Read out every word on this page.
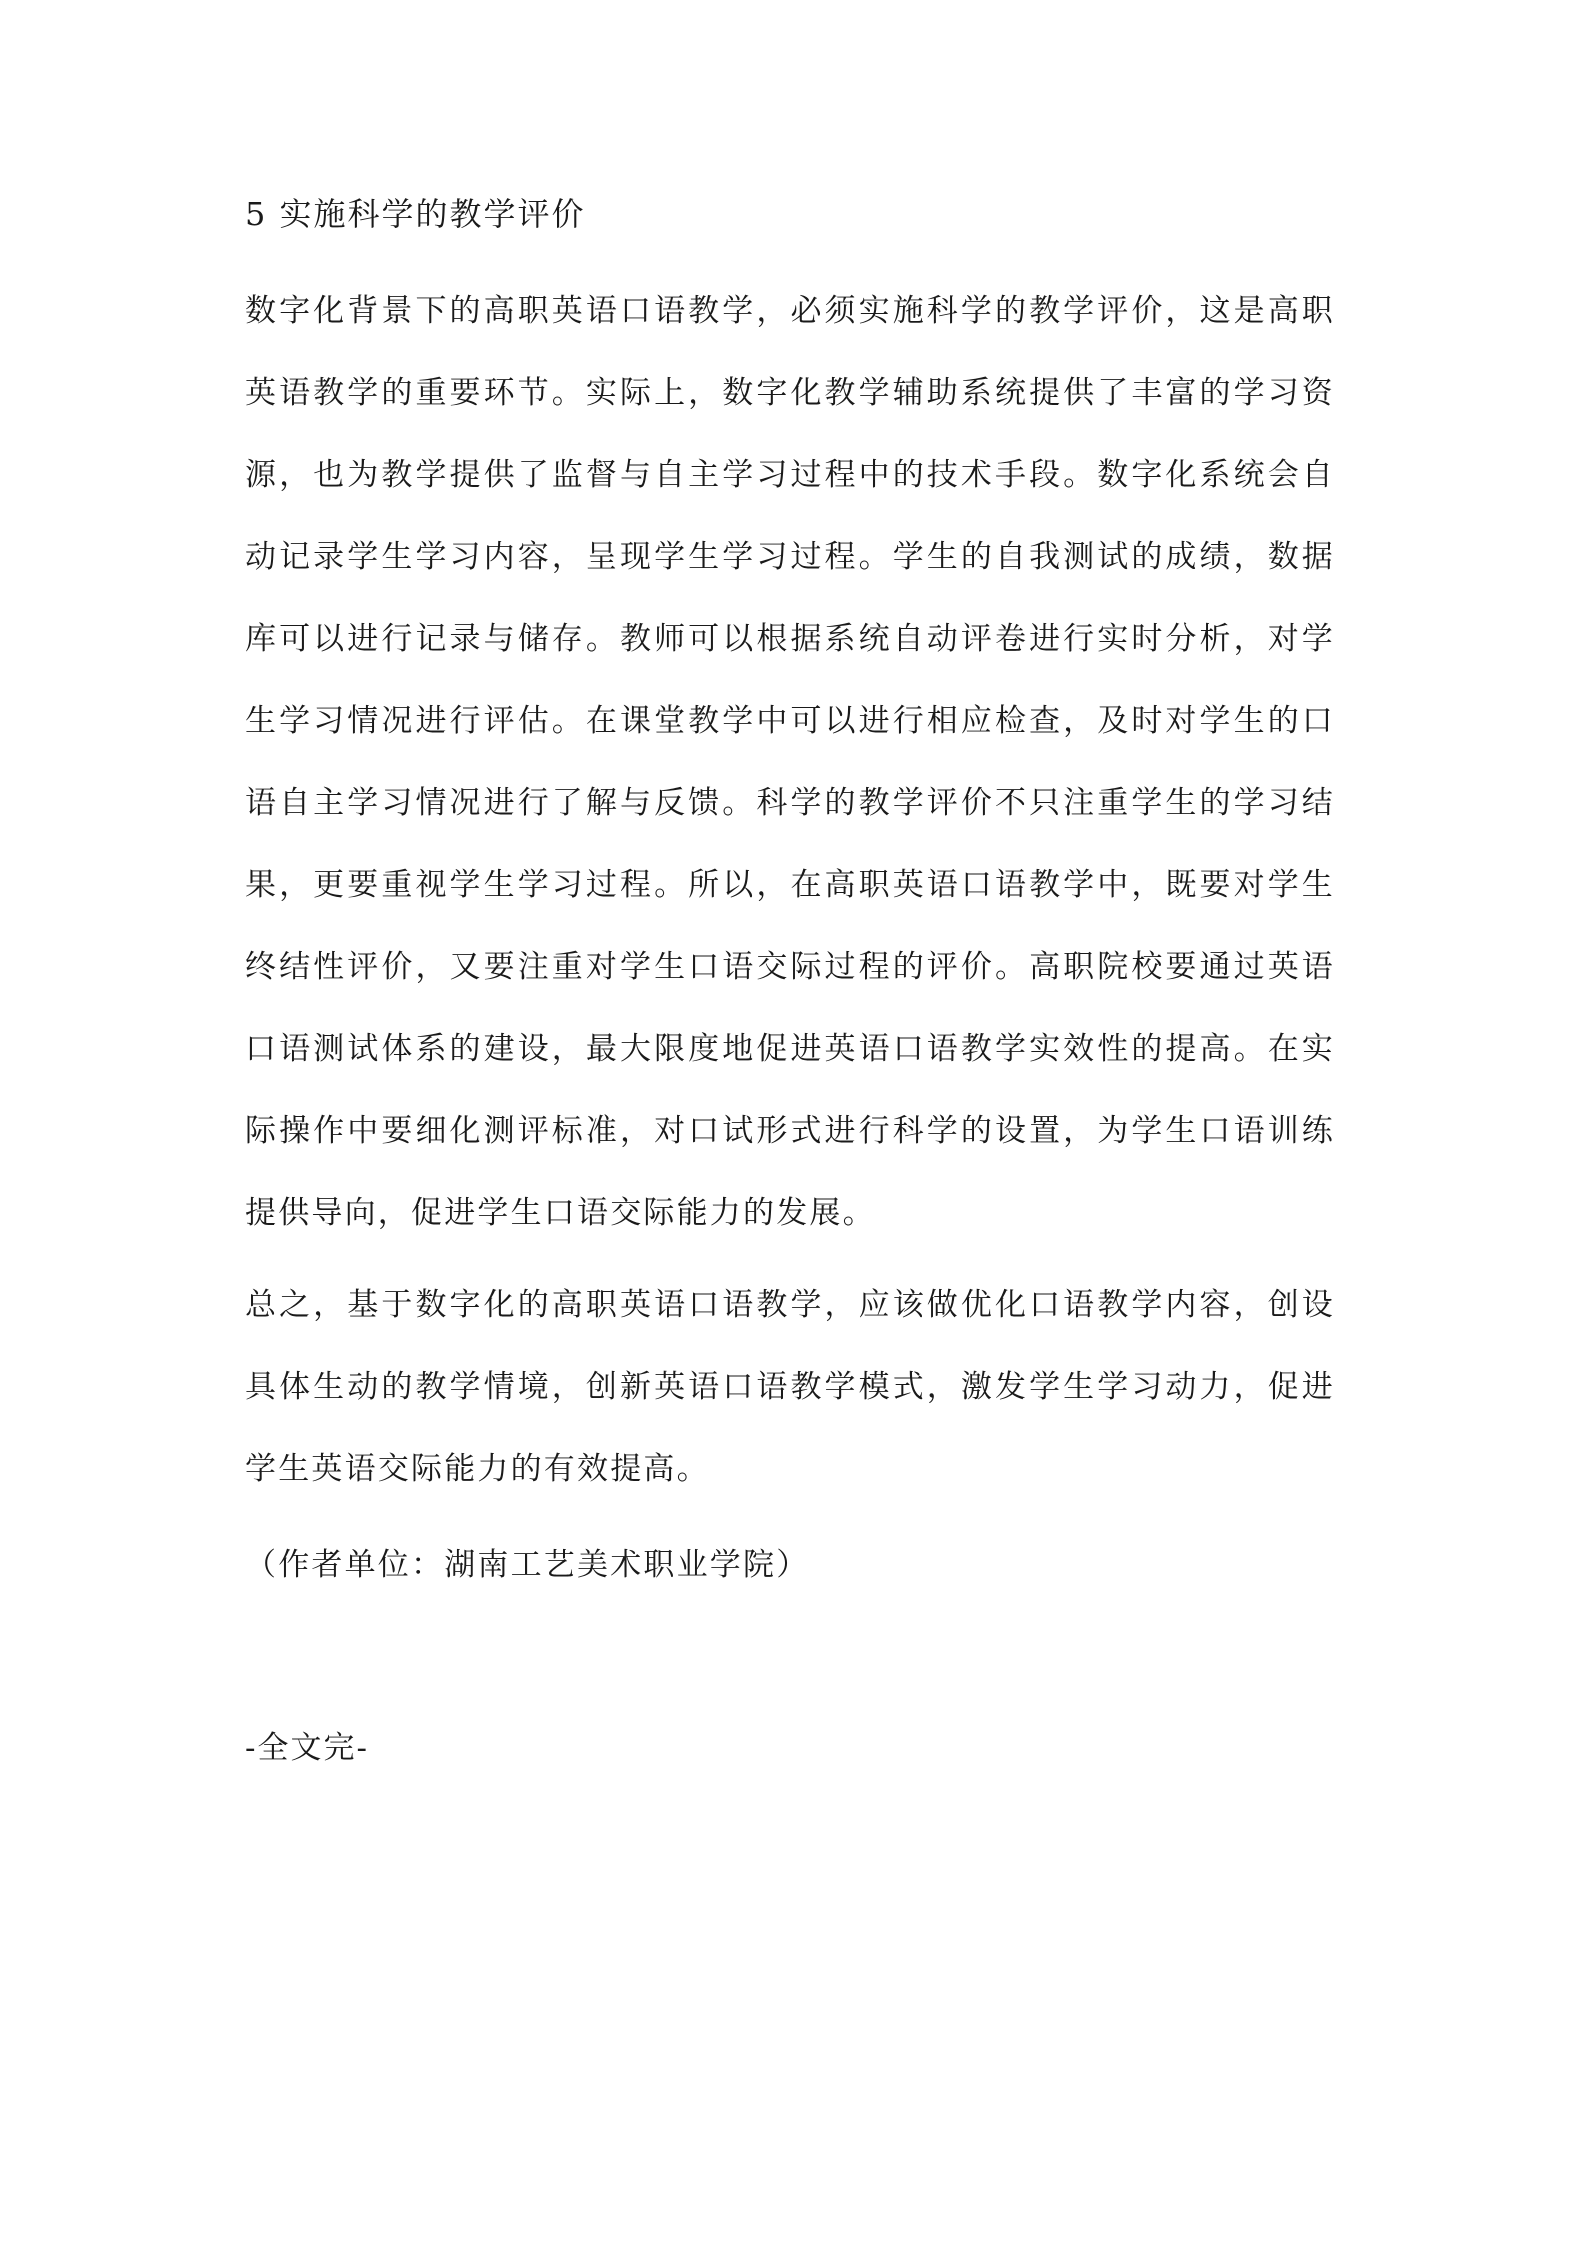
5 实施科学的教学评价

数字化背景下的高职英语口语教学，必须实施科学的教学评价，这是高职英语教学的重要环节。实际上，数字化教学辅助系统提供了丰富的学习资源，也为教学提供了监督与自主学习过程中的技术手段。数字化系统会自动记录学生学习内容，呈现学生学习过程。学生的自我测试的成绩，数据库可以进行记录与储存。教师可以根据系统自动评卷进行实时分析，对学生学习情况进行评估。在课堂教学中可以进行相应检查，及时对学生的口语自主学习情况进行了解与反馈。科学的教学评价不只注重学生的学习结果，更要重视学生学习过程。所以，在高职英语口语教学中，既要对学生终结性评价，又要注重对学生口语交际过程的评价。高职院校要通过英语口语测试体系的建设，最大限度地促进英语口语教学实效性的提高。在实际操作中要细化测评标准，对口试形式进行科学的设置，为学生口语训练提供导向，促进学生口语交际能力的发展。

总之，基于数字化的高职英语口语教学，应该做优化口语教学内容，创设具体生动的教学情境，创新英语口语教学模式，激发学生学习动力，促进学生英语交际能力的有效提高。

（作者单位：湖南工艺美术职业学院）

-全文完-
